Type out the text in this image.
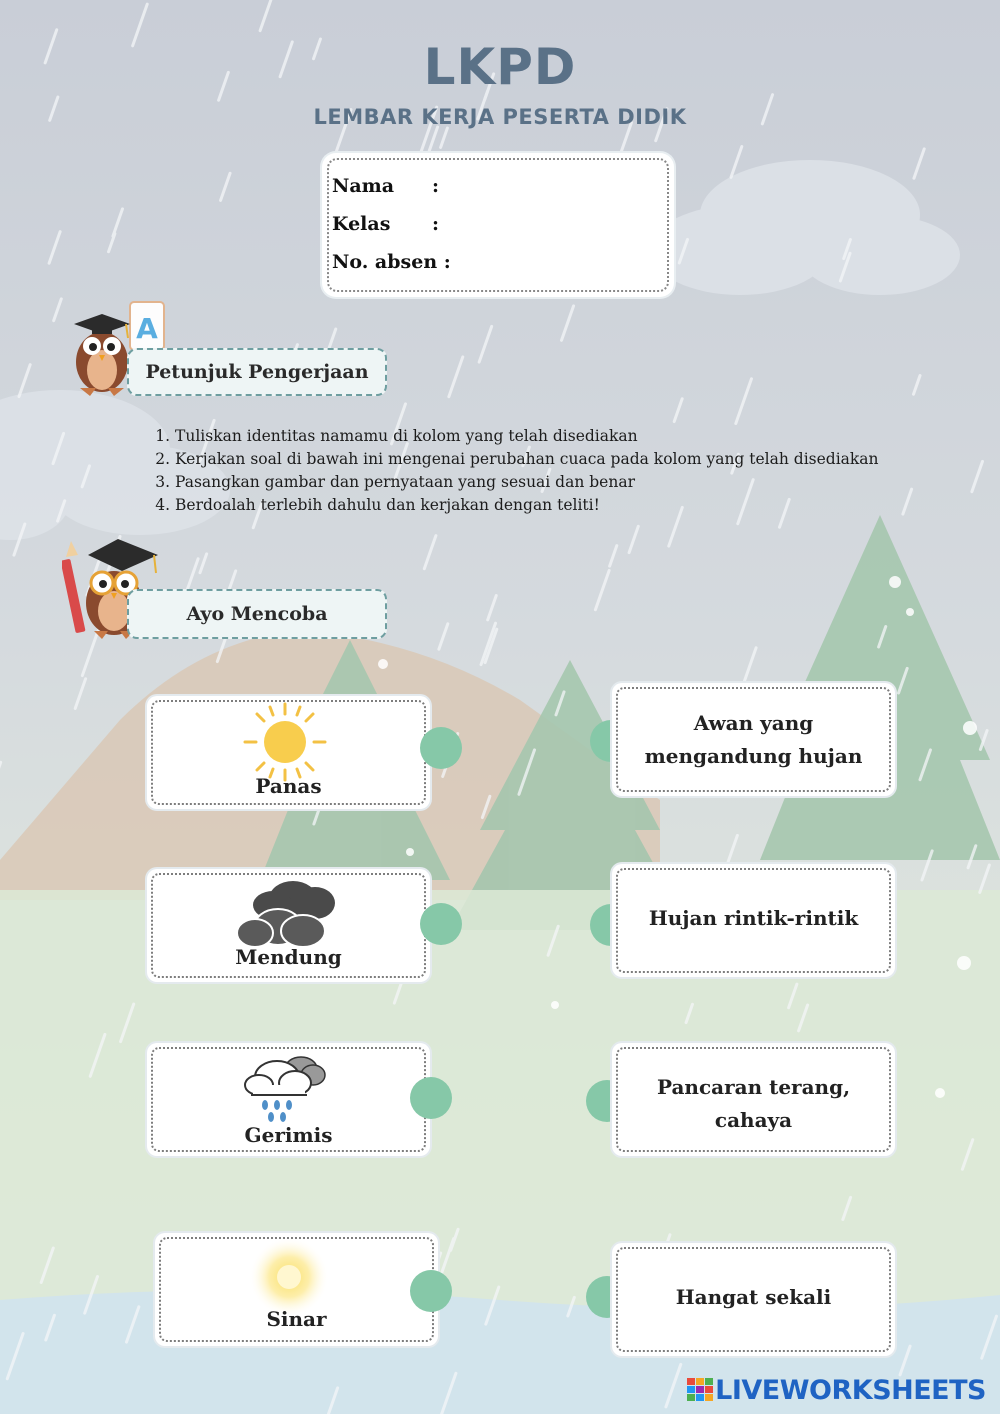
LKPD
LEMBAR KERJA PESERTA DIDIK
Nama :
Kelas :
No. absen :
A
Petunjuk Pengerjaan
1. Tuliskan identitas namamu di kolom yang telah disediakan
2. Kerjakan soal di bawah ini mengenai perubahan cuaca pada kolom yang telah disediakan
3. Pasangkan gambar dan pernyataan yang sesuai dan benar
4. Berdoalah terlebih dahulu dan kerjakan dengan teliti!
Ayo Mencoba
Panas
Mendung
Gerimis
Sinar
Awan yang mengandung hujan
Hujan rintik-rintik
Pancaran terang, cahaya
Hangat sekali
LIVEWORKSHEETS
